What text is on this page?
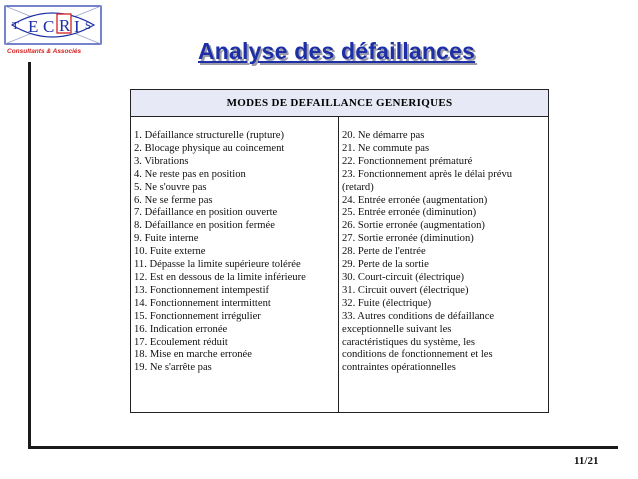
T E C R I S
Consultants & Associés	Analyse des défaillances
MODES DE DEFAILLANCE GENERIQUES
1. Défaillance structurelle (rupture)
2. Blocage physique au coincement
3. Vibrations
4. Ne reste pas en position
5. Ne s'ouvre pas
6. Ne se ferme pas
7. Défaillance en position ouverte
8. Défaillance en position fermée
9. Fuite interne
10. Fuite externe
11. Dépasse la limite supérieure tolérée
12. Est en dessous de la limite inférieure
13. Fonctionnement intempestif
14. Fonctionnement intermittent
15. Fonctionnement irrégulier
16. Indication erronée
17. Ecoulement réduit
18. Mise en marche erronée
19. Ne s'arrête pas
20. Ne démarre pas
21. Ne commute pas
22. Fonctionnement prématuré
23. Fonctionnement après le délai prévu
(retard)
24. Entrée erronée (augmentation)
25. Entrée erronée (diminution)
26. Sortie erronée (augmentation)
27. Sortie erronée (diminution)
28. Perte de l'entrée
29. Perte de la sortie
30. Court-circuit (électrique)
31. Circuit ouvert (électrique)
32. Fuite (électrique)
33. Autres conditions de défaillance
exceptionnelle suivant les
caractéristiques du système, les
conditions de fonctionnement et les
contraintes opérationnelles
11/21
